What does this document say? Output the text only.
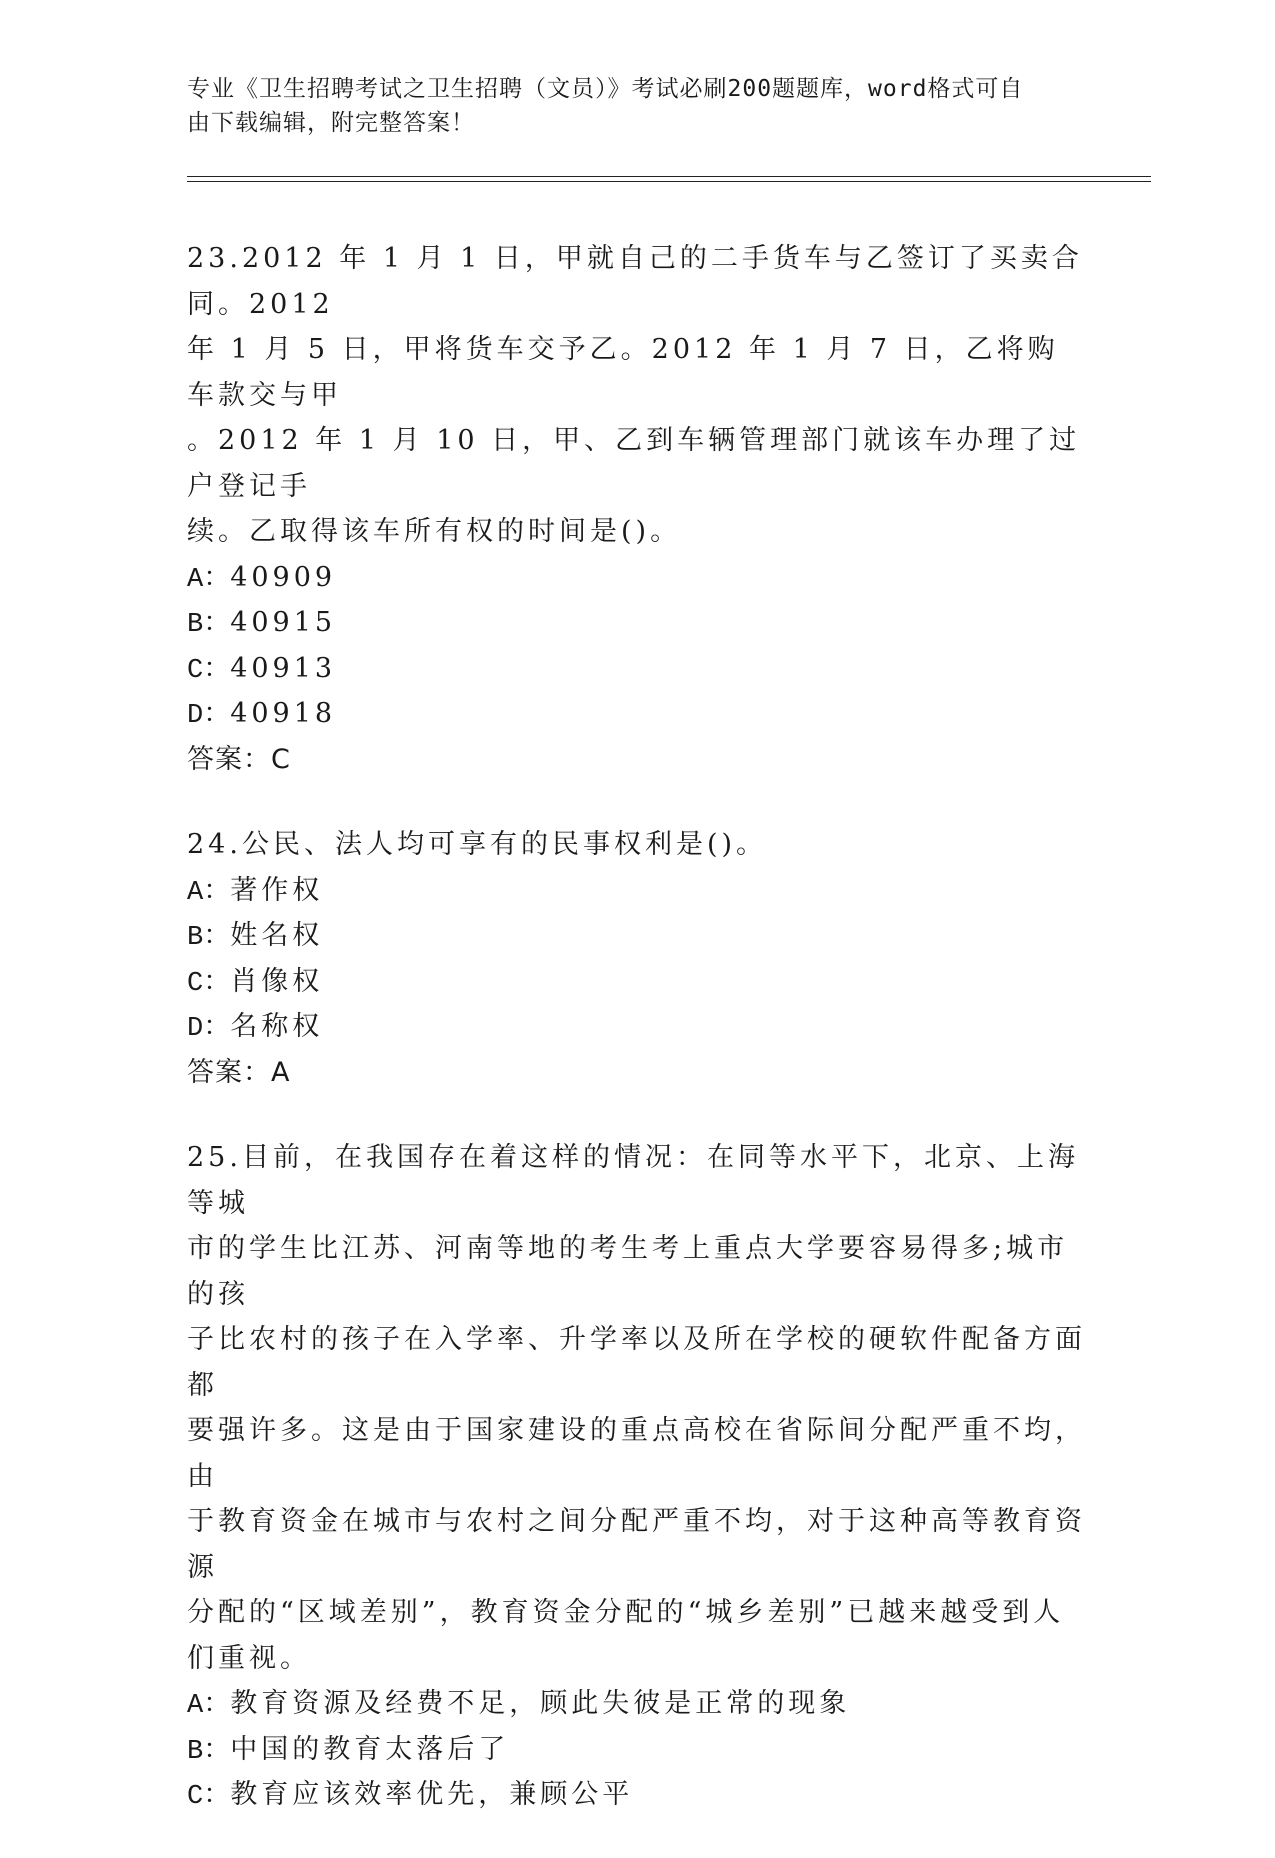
专业《卫生招聘考试之卫生招聘（文员）》考试必刷200题题库，word格式可自
由下载编辑，附完整答案！
23.2012 年 1 月 1 日，甲就自己的二手货车与乙签订了买卖合同。2012
年 1 月 5 日，甲将货车交予乙。2012 年 1 月 7 日，乙将购车款交与甲
。2012 年 1 月 10 日，甲、乙到车辆管理部门就该车办理了过户登记手
续。乙取得该车所有权的时间是()。
A：40909
B：40915
C：40913
D：40918
答案：C
24.公民、法人均可享有的民事权利是()。
A：著作权
B：姓名权
C：肖像权
D：名称权
答案：A
25.目前，在我国存在着这样的情况：在同等水平下，北京、上海等城
市的学生比江苏、河南等地的考生考上重点大学要容易得多;城市的孩
子比农村的孩子在入学率、升学率以及所在学校的硬软件配备方面都
要强许多。这是由于国家建设的重点高校在省际间分配严重不均，由
于教育资金在城市与农村之间分配严重不均，对于这种高等教育资源
分配的“区域差别”，教育资金分配的“城乡差别”已越来越受到人
们重视。
A：教育资源及经费不足，顾此失彼是正常的现象
B：中国的教育太落后了
C：教育应该效率优先，兼顾公平
